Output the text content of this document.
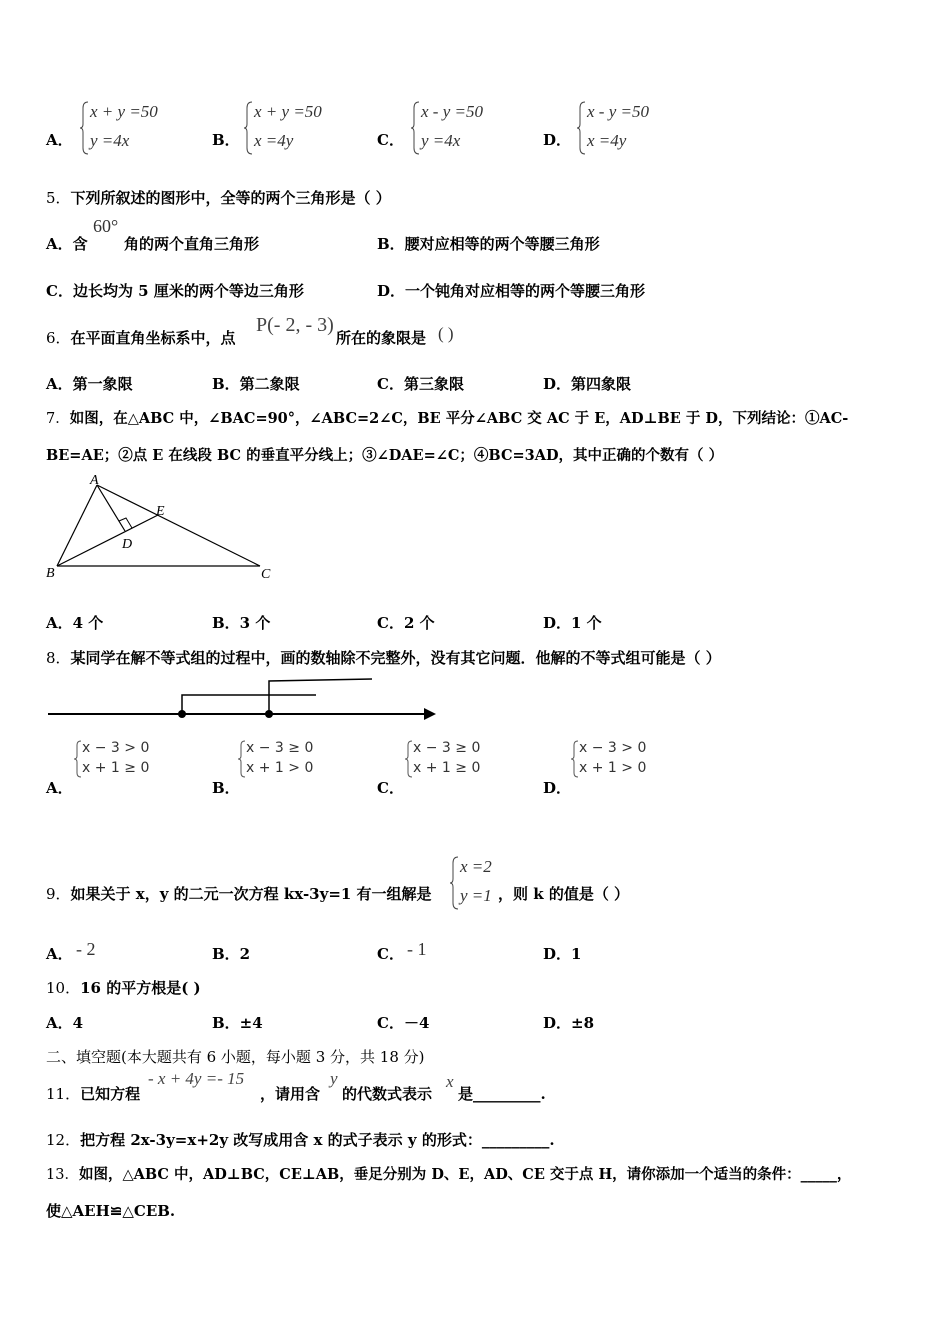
A．
x + y =50
y =4x	B．
x + y =50
x =4y	C．
x - y =50
y =4x	D．
x - y =50
x =4y
5．下列所叙述的图形中，全等的两个三角形是（ ）
A．含
60°
角的两个直角三角形	B．腰对应相等的两个等腰三角形
C．边长均为 5 厘米的两个等边三角形	D．一个钝角对应相等的两个等腰三角形
6．在平面直角坐标系中，点
P(- 2, - 3)
所在的象限是 ( )
A．第一象限	B．第二象限	C．第三象限	D．第四象限
7．如图，在△ABC 中，∠BAC=90°，∠ABC=2∠C，BE 平分∠ABC 交 AC 于 E，AD⊥BE 于 D，下列结论：①AC-
BE=AE；②点 E 在线段 BC 的垂直平分线上；③∠DAE=∠C；④BC=3AD，其中正确的个数有（ ）
A
B	C
D
E
A．4 个	B．3 个	C．2 个	D．1 个
8．某同学在解不等式组的过程中，画的数轴除不完整外，没有其它问题．他解的不等式组可能是（ ）
A．
x − 3 > 0
x + 1 ≥ 0
B．
x − 3 ≥ 0
x + 1 > 0
C．
x − 3 ≥ 0
x + 1 ≥ 0
D．
x − 3 > 0
x + 1 > 0
9．如果关于 x，y 的二元一次方程 kx-3y=1 有一组解是
x =2
y =1 ，则 k 的值是（ ）
A． - 2	B．2	C． - 1	D．1
10．16 的平方根是( )
A．4	B．±4	C．－4	D．±8
二、填空题(本大题共有 6 小题，每小题 3 分，共 18 分)
11．已知方程
- x + 4y =- 15
，请用含
y
的代数式表示
x
是_________.
12．把方程 2x-3y=x+2y 改写成用含 x 的式子表示 y 的形式：_________.
13．如图，△ABC 中，AD⊥BC，CE⊥AB，垂足分别为 D、E，AD、CE 交于点 H，请你添加一个适当的条件：_____，
使△AEH≌△CEB.
